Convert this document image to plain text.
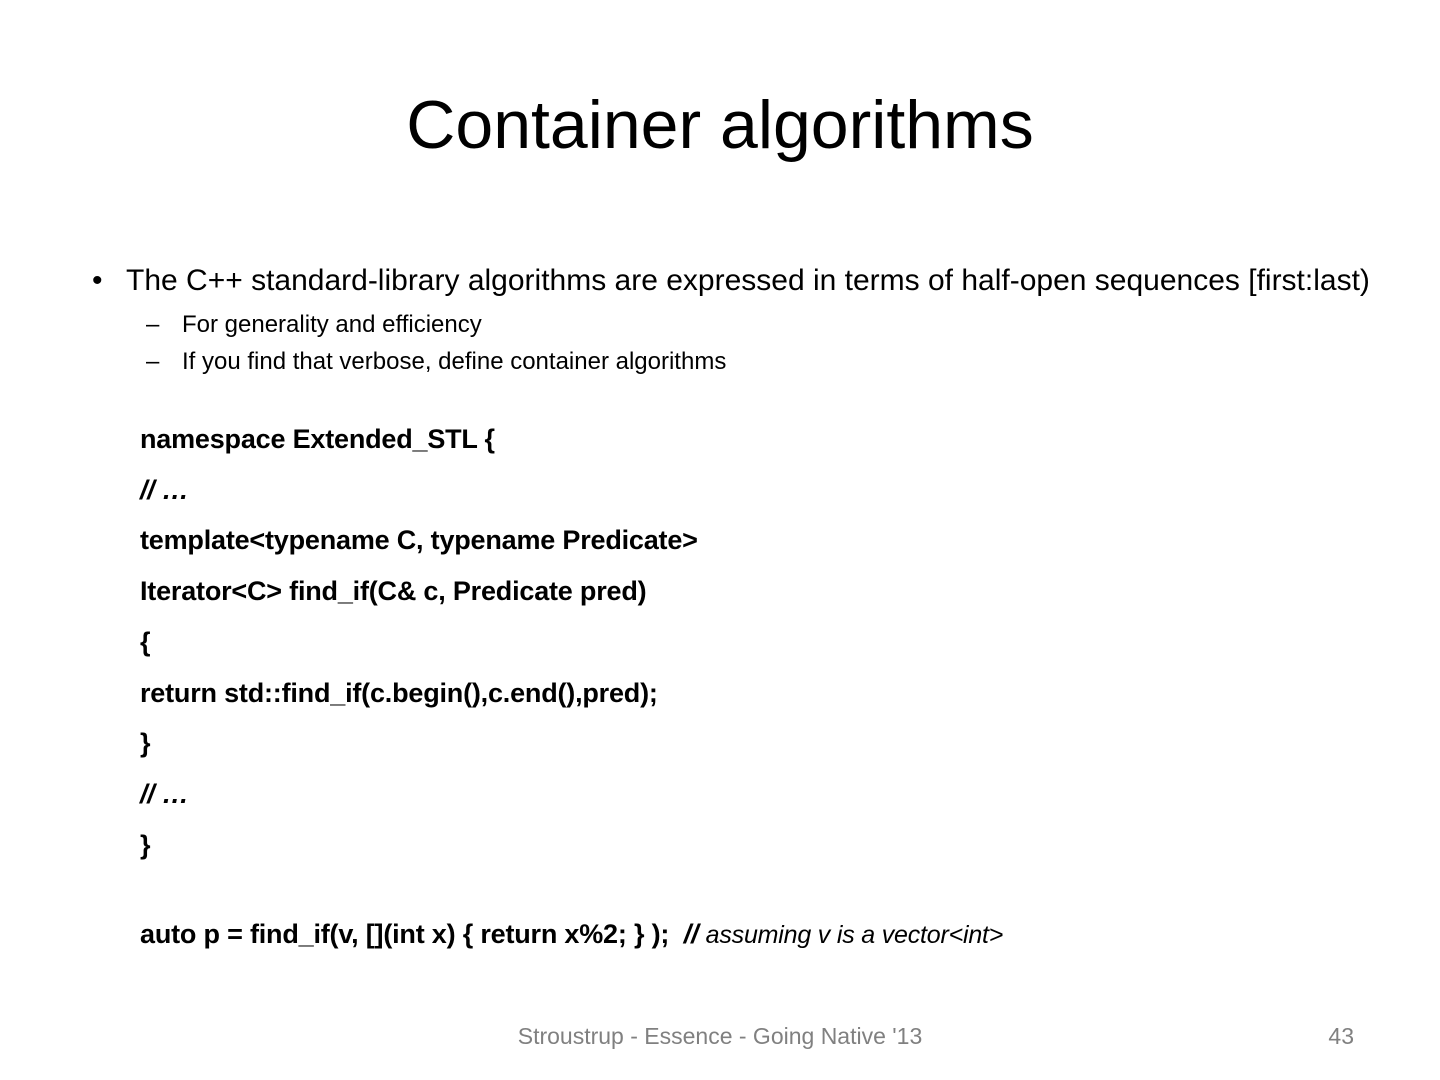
Container algorithms
• The C++ standard-library algorithms are expressed in terms of half-open sequences [first:last)
– For generality and efficiency
– If you find that verbose, define container algorithms
namespace Extended_STL {
// …
template<typename C, typename Predicate>
Iterator<C> find_if(C& c, Predicate pred)
{
return std::find_if(c.begin(),c.end(),pred);
}
// …
}
auto p = find_if(v, [](int x) { return x%2; } );  // assuming v is a vector<int>
Stroustrup - Essence - Going Native '13	43
